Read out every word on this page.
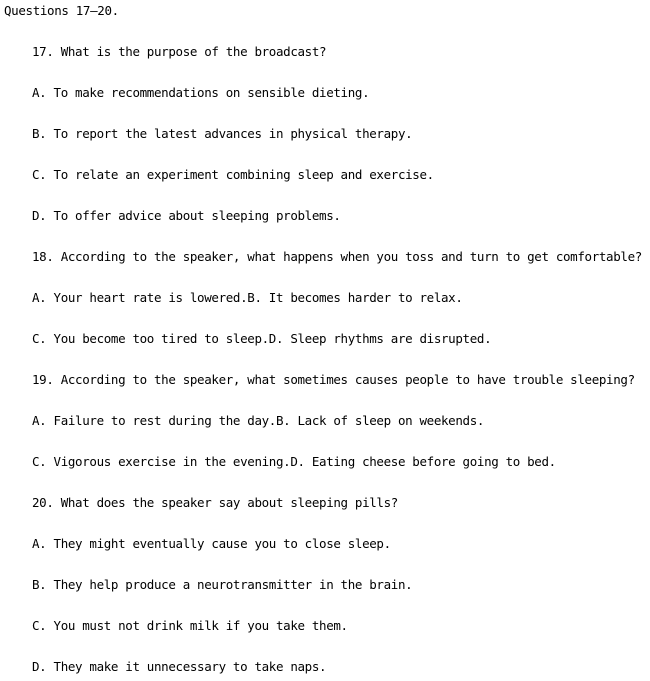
Questions 17—20.
17. What is the purpose of the broadcast?
A. To make recommendations on sensible dieting.
B. To report the latest advances in physical therapy.
C. To relate an experiment combining sleep and exercise.
D. To offer advice about sleeping problems.
18. According to the speaker, what happens when you toss and turn to get comfortable?
A. Your heart rate is lowered.B. It becomes harder to relax.
C. You become too tired to sleep.D. Sleep rhythms are disrupted.
19. According to the speaker, what sometimes causes people to have trouble sleeping?
A. Failure to rest during the day.B. Lack of sleep on weekends.
C. Vigorous exercise in the evening.D. Eating cheese before going to bed.
20. What does the speaker say about sleeping pills?
A. They might eventually cause you to close sleep.
B. They help produce a neurotransmitter in the brain.
C. You must not drink milk if you take them.
D. They make it unnecessary to take naps.
